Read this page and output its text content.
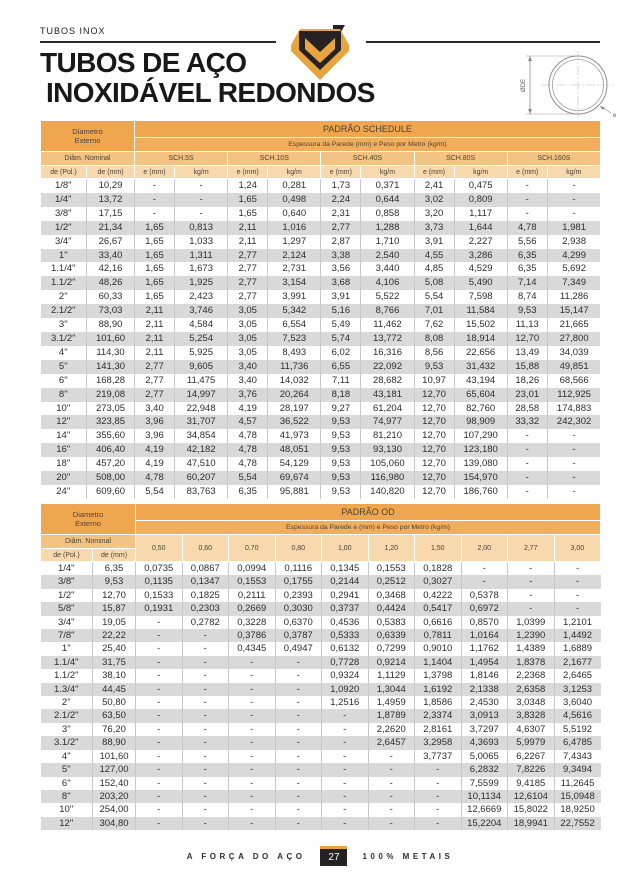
TUBOS INOX
TUBOS DE AÇO
INOXIDÁVEL REDONDOS	ØDE
e
Diametro
Externo		PADRÃO SCHEDULE									
		Espessura da Parede (mm) e Peso por Metro (kg/m)									
Diâm. Nominal		SCH.5S		SCH.10S		SCH.40S		SCH.80S		SCH.160S	
de (Pol.)	de (mm)	e (mm)	kg/m	e (mm)	kg/m	e (mm)	kg/m	e (mm)	kg/m	e (mm)	kg/m
1/8"	10,29	-	-	1,24	0,281	1,73	0,371	2,41	0,475	-	-
1/4"	13,72	-	-	1,65	0,498	2,24	0,644	3,02	0,809	-	-
3/8"	17,15	-	-	1,65	0,640	2,31	0,858	3,20	1,117	-	-
1/2"	21,34	1,65	0,813	2,11	1,016	2,77	1,288	3,73	1,644	4,78	1,981
3/4"	26,67	1,65	1,033	2,11	1,297	2,87	1,710	3,91	2,227	5,56	2,938
1"	33,40	1,65	1,311	2,77	2,124	3,38	2,540	4,55	3,286	6,35	4,299
1.1/4"	42,16	1,65	1,673	2,77	2,731	3,56	3,440	4,85	4,529	6,35	5,692
1.1/2"	48,26	1,65	1,925	2,77	3,154	3,68	4,106	5,08	5,490	7,14	7,349
2"	60,33	1,65	2,423	2,77	3,991	3,91	5,522	5,54	7,598	8,74	11,286
2.1/2"	73,03	2,11	3,746	3,05	5,342	5,16	8,766	7,01	11,584	9,53	15,147
3"	88,90	2,11	4,584	3,05	6,554	5,49	11,462	7,62	15,502	11,13	21,665
3.1/2"	101,60	2,11	5,254	3,05	7,523	5,74	13,772	8,08	18,914	12,70	27,800
4"	114,30	2,11	5,925	3,05	8,493	6,02	16,316	8,56	22,656	13,49	34,039
5"	141,30	2,77	9,605	3,40	11,736	6,55	22,092	9,53	31,432	15,88	49,851
6"	168,28	2,77	11,475	3,40	14,032	7,11	28,682	10,97	43,194	18,26	68,566
8"	219,08	2,77	14,997	3,76	20,264	8,18	43,181	12,70	65,604	23,01	112,925
10"	273,05	3,40	22,948	4,19	28,197	9,27	61,204	12,70	82,760	28,58	174,883
12"	323,85	3,96	31,707	4,57	36,522	9,53	74,977	12,70	98,909	33,32	242,302
14"	355,60	3,96	34,854	4,78	41,973	9,53	81,210	12,70	107,290	-	-
16"	406,40	4,19	42,182	4,78	48,051	9,53	93,130	12,70	123,180	-	-
18"	457,20	4,19	47,510	4,78	54,129	9,53	105,060	12,70	139,080	-	-
20"	508,00	4,78	60,207	5,54	69,674	9,53	116,980	12,70	154,970	-	-
24"	609,60	5,54	83,763	6,35	95,881	9,53	140,820	12,70	186,760	-	-
Diametro
Externo		PADRÃO OD									
		Espessura da Parede e (mm) e Peso por Metro (kg/m)									
Diâm. Nominal		0,50	0,60	0,70	0,80	1,00	1,20	1,50	2,00	2,77	3,00
de (Pol.)	de (mm)										
1/4"	6,35	0,0735	0,0867	0,0994	0,1116	0,1345	0,1553	0,1828	-	-	-
3/8"	9,53	0,1135	0,1347	0,1553	0,1755	0,2144	0,2512	0,3027	-	-	-
1/2"	12,70	0,1533	0,1825	0,2111	0,2393	0,2941	0,3468	0,4222	0,5378	-	-
5/8"	15,87	0,1931	0,2303	0,2669	0,3030	0,3737	0,4424	0,5417	0,6972	-	-
3/4"	19,05	-	0,2782	0,3228	0,6370	0,4536	0,5383	0,6616	0,8570	1,0399	1,2101
7/8"	22,22	-	-	0,3786	0,3787	0,5333	0,6339	0,7811	1,0164	1,2390	1,4492
1"	25,40	-	-	0,4345	0,4947	0,6132	0,7299	0,9010	1,1762	1,4389	1,6889
1.1/4"	31,75	-	-	-	-	0,7728	0,9214	1,1404	1,4954	1,8378	2,1677
1.1/2"	38,10	-	-	-	-	0,9324	1,1129	1,3798	1,8146	2,2368	2,6465
1.3/4"	44,45	-	-	-	-	1,0920	1,3044	1,6192	2,1338	2,6358	3,1253
2"	50,80	-	-	-	-	1,2516	1,4959	1,8586	2,4530	3,0348	3,6040
2.1/2"	63,50	-	-	-	-	-	1,8789	2,3374	3,0913	3,8328	4,5616
3"	76,20	-	-	-	-	-	2,2620	2,8161	3,7297	4,6307	5,5192
3.1/2"	88,90	-	-	-	-	-	2,6457	3,2958	4,3693	5,9979	6,4785
4"	101,60	-	-	-	-	-	-	3,7737	5,0065	6,2267	7,4343
5"	127,00	-	-	-	-	-	-	-	6,2832	7,8226	9,3494
6"	152,40	-	-	-	-	-	-	-	7,5599	9,4185	11,2645
8"	203,20	-	-	-	-	-	-	-	10,1134	12,6104	15,0948
10"	254,00	-	-	-	-	-	-	-	12,6669	15,8022	18,9250
12"	304,80	-	-	-	-	-	-	-	15,2204	18,9941	22,7552
A FORÇA DO AÇO	27	100% METAIS
